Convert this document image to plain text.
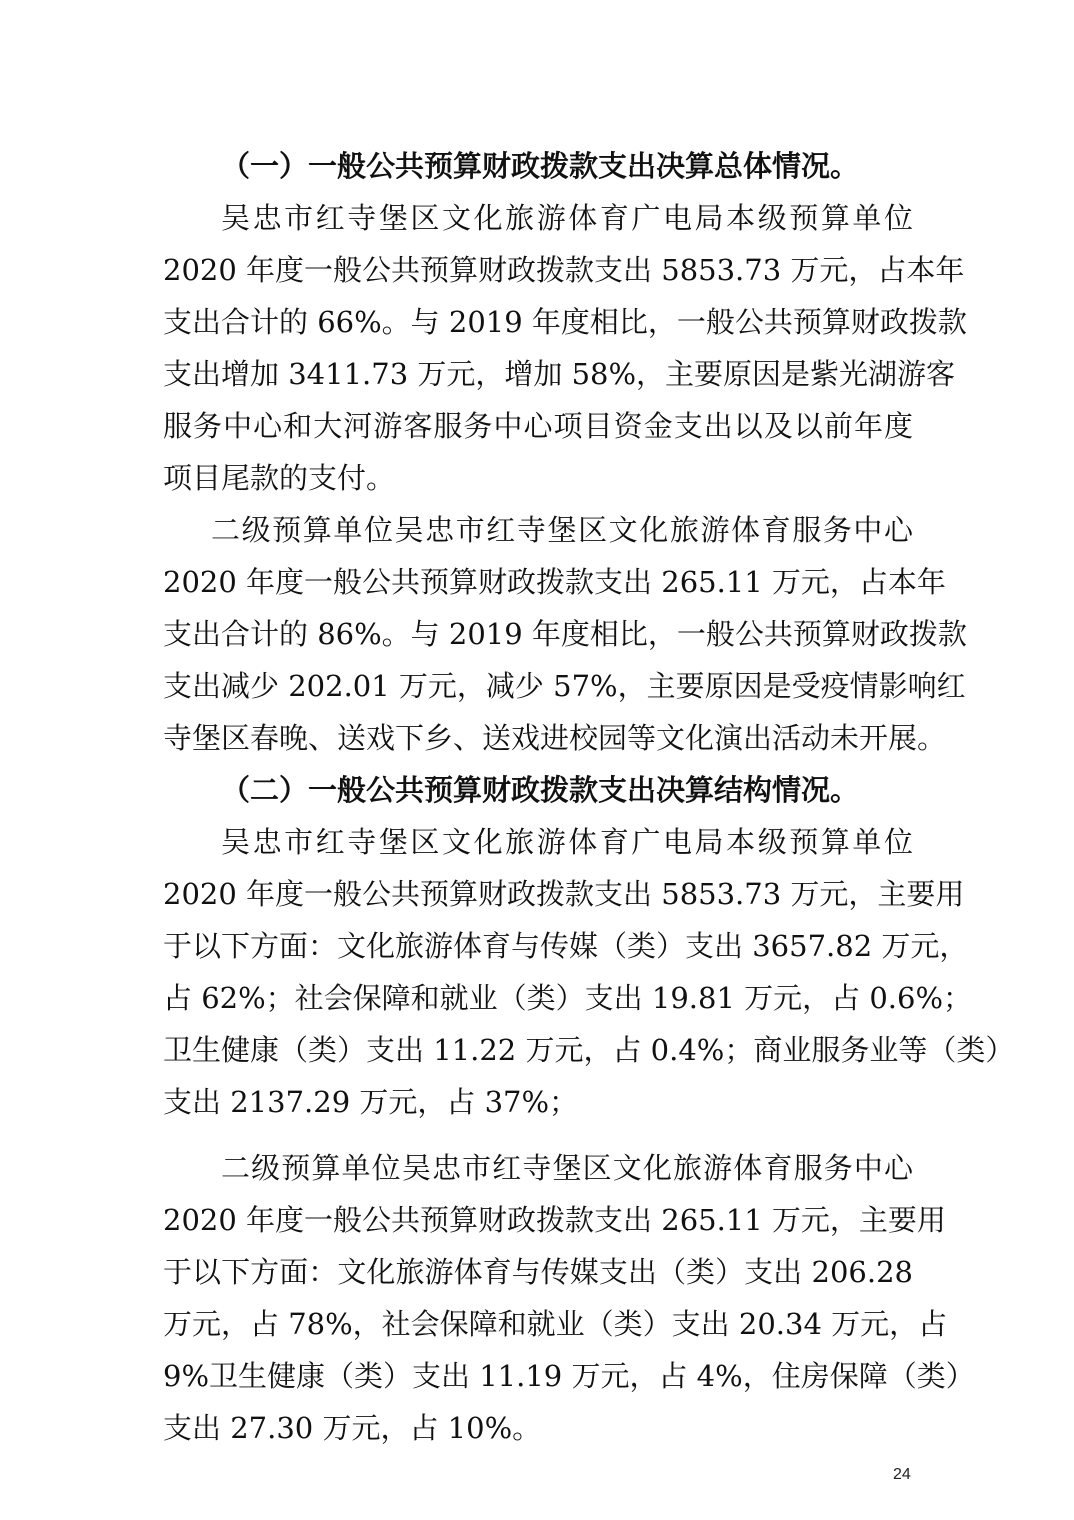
（一）一般公共预算财政拨款支出决算总体情况。
吴忠市红寺堡区文化旅游体育广电局本级预算单位
2020 年度一般公共预算财政拨款支出 5853.73 万元，占本年
支出合计的 66%。与 2019 年度相比，一般公共预算财政拨款
支出增加 3411.73 万元，增加 58%，主要原因是紫光湖游客
服务中心和大河游客服务中心项目资金支出以及以前年度
项目尾款的支付。
二级预算单位吴忠市红寺堡区文化旅游体育服务中心
2020 年度一般公共预算财政拨款支出 265.11 万元，占本年
支出合计的 86%。与 2019 年度相比，一般公共预算财政拨款
支出减少 202.01 万元，减少 57%，主要原因是受疫情影响红
寺堡区春晚、送戏下乡、送戏进校园等文化演出活动未开展。
（二）一般公共预算财政拨款支出决算结构情况。
吴忠市红寺堡区文化旅游体育广电局本级预算单位
2020 年度一般公共预算财政拨款支出 5853.73 万元，主要用
于以下方面：文化旅游体育与传媒（类）支出 3657.82 万元，
占 62%；社会保障和就业（类）支出 19.81 万元，占 0.6%；
卫生健康（类）支出 11.22 万元，占 0.4%；商业服务业等（类）
支出 2137.29 万元，占 37%；
二级预算单位吴忠市红寺堡区文化旅游体育服务中心
2020 年度一般公共预算财政拨款支出 265.11 万元，主要用
于以下方面：文化旅游体育与传媒支出（类）支出 206.28
万元，占 78%，社会保障和就业（类）支出 20.34 万元，占
9%卫生健康（类）支出 11.19 万元，占 4%，住房保障（类）
支出 27.30 万元，占 10%。
24
